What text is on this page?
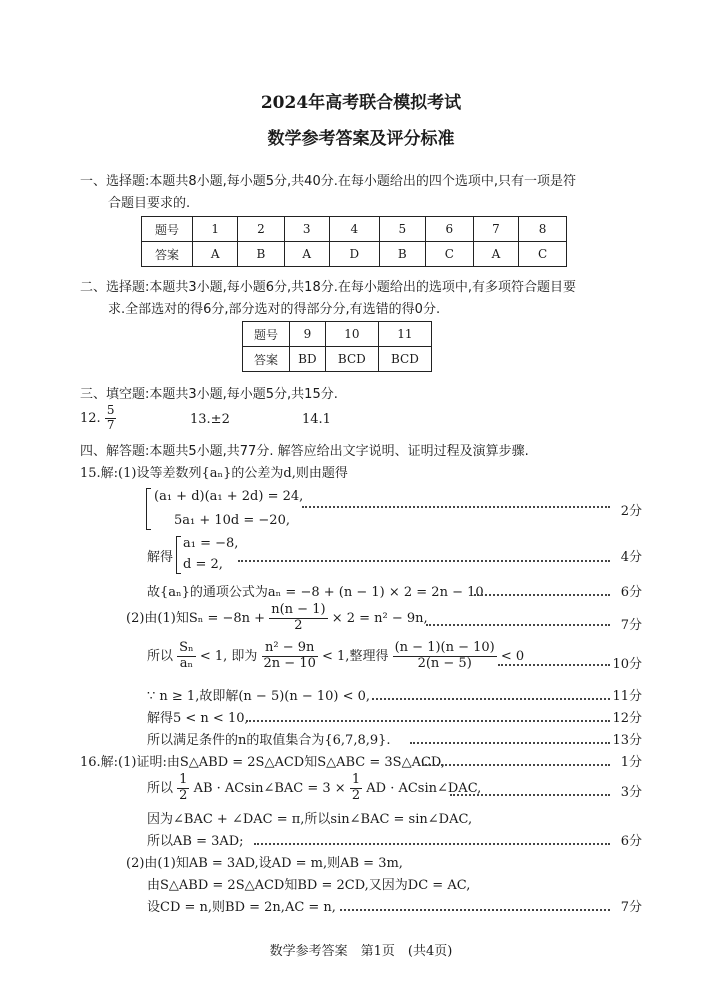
2024年高考联合模拟考试
数学参考答案及评分标准
一、选择题:本题共8小题,每小题5分,共40分.在每小题给出的四个选项中,只有一项是符
合题目要求的.
题号	1	2	3	4	5	6	7	8
答案	A	B	A	D	B	C	A	C
二、选择题:本题共3小题,每小题6分,共18分.在每小题给出的选项中,有多项符合题目要
求.全部选对的得6分,部分选对的得部分分,有选错的得0分.
题号	9	10	11
答案	BD	BCD	BCD
三、填空题:本题共3小题,每小题5分,共15分.
12. $\frac{5}{7}$	13.±2	14.1
四、解答题:本题共5小题,共77分. 解答应给出文字说明、证明过程及演算步骤.
15.解:(1)设等差数列{aₙ}的公差为d,则由题得
(a₁ + d)(a₁ + 2d) = 24,
5a₁ + 10d = −20,
2分
解得
a₁ = −8,
d = 2,	4分
故{aₙ}的通项公式为aₙ = −8 + (n − 1) × 2 = 2n − 10.	6分
(2)由(1)知$S_n = -8n + \frac{n(n - 1)}{2} \times 2 = n^2 - 9n$,	7分
所以 $\frac{\text{Sₙ}}{\text{aₙ}} < 1$, 即为 $\frac{\text{n² − 9n}}{2n - 10} < 1$,整理得 $\frac{(n - 1)(n - 10)}{2(n - 5)} < 0$
10分
∵ n ≥ 1,故即解(n − 5)(n − 10) < 0,	11分
解得5 < n < 10,	12分
所以满足条件的n的取值集合为{6,7,8,9}.	13分
16.解:(1)证明:由S△ABD = 2S△ACD知S△ABC = 3S△ACD,	1分
所以 $\frac{1}{2}$ AB · ACsin∠BAC = $3 \times \frac{1}{2}$ AD · ACsin∠DAC,	3分
因为∠BAC + ∠DAC = π,所以sin∠BAC = sin∠DAC,
所以AB = 3AD;	6分
(2)由(1)知AB = 3AD,设AD = m,则AB = 3m,
由S△ABD = 2S△ACD知BD = 2CD,又因为DC = AC,
设CD = n,则BD = 2n,AC = n,	7分
数学参考答案　第1页　(共4页)
